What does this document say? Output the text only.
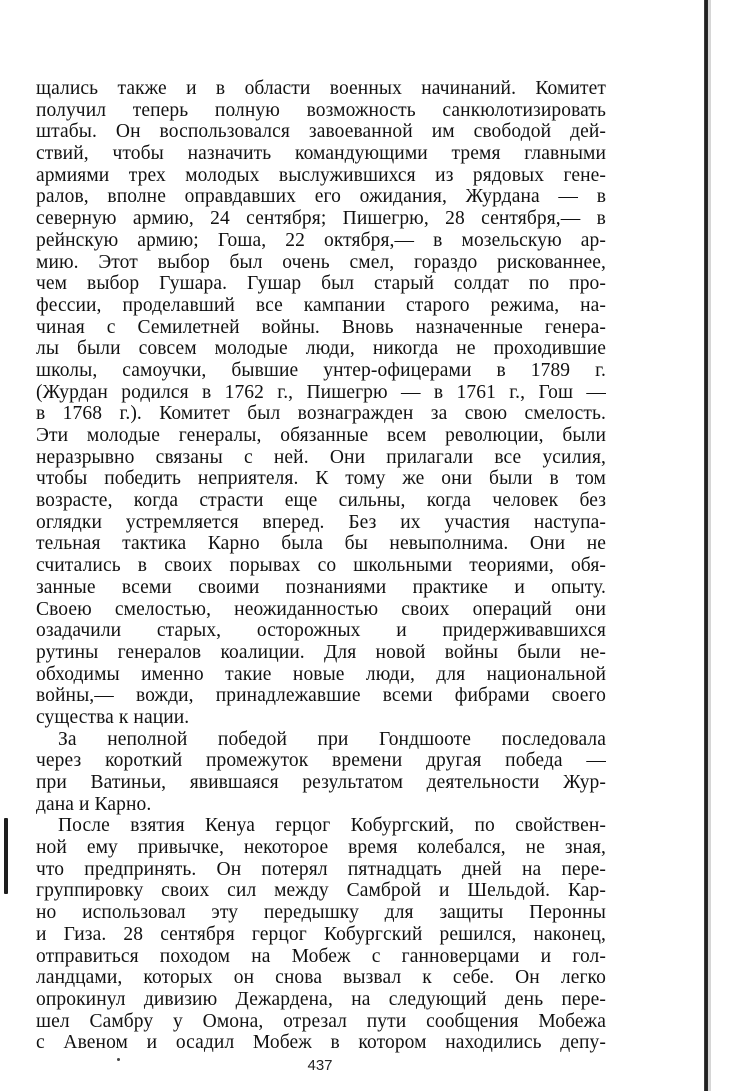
щались также и в области военных начинаний. Комитет
получил теперь полную возможность санкюлотизировать
штабы. Он воспользовался завоеванной им свободой дей-
ствий, чтобы назначить командующими тремя главными
армиями трех молодых выслужившихся из рядовых гене-
ралов, вполне оправдавших его ожидания, Журдана — в
северную армию, 24 сентября; Пишегрю, 28 сентября,— в
рейнскую армию; Гоша, 22 октября,— в мозельскую ар-
мию. Этот выбор был очень смел, гораздо рискованнее,
чем выбор Гушара. Гушар был старый солдат по про-
фессии, проделавший все кампании старого режима, на-
чиная с Семилетней войны. Вновь назначенные генера-
лы были совсем молодые люди, никогда не проходившие
школы, самоучки, бывшие унтер-офицерами в 1789 г.
(Журдан родился в 1762 г., Пишегрю — в 1761 г., Гош —
в 1768 г.). Комитет был вознагражден за свою смелость.
Эти молодые генералы, обязанные всем революции, были
неразрывно связаны с ней. Они прилагали все усилия,
чтобы победить неприятеля. К тому же они были в том
возрасте, когда страсти еще сильны, когда человек без
оглядки устремляется вперед. Без их участия наступа-
тельная тактика Карно была бы невыполнима. Они не
считались в своих порывах со школьными теориями, обя-
занные всеми своими познаниями практике и опыту.
Своею смелостью, неожиданностью своих операций они
озадачили старых, осторожных и придерживавшихся
рутины генералов коалиции. Для новой войны были не-
обходимы именно такие новые люди, для национальной
войны,— вожди, принадлежавшие всеми фибрами своего
существа к нации.
За неполной победой при Гондшооте последовала
через короткий промежуток времени другая победа —
при Ватиньи, явившаяся результатом деятельности Жур-
дана и Карно.
После взятия Кенуа герцог Кобургский, по свойствен-
ной ему привычке, некоторое время колебался, не зная,
что предпринять. Он потерял пятнадцать дней на пере-
группировку своих сил между Самброй и Шельдой. Кар-
но использовал эту передышку для защиты Перонны
и Гиза. 28 сентября герцог Кобургский решился, наконец,
отправиться походом на Мобеж с ганноверцами и гол-
ландцами, которых он снова вызвал к себе. Он легко
опрокинул дивизию Дежардена, на следующий день пере-
шел Самбру у Омона, отрезал пути сообщения Мобежа
с Авеном и осадил Мобеж в котором находились депу-
437
